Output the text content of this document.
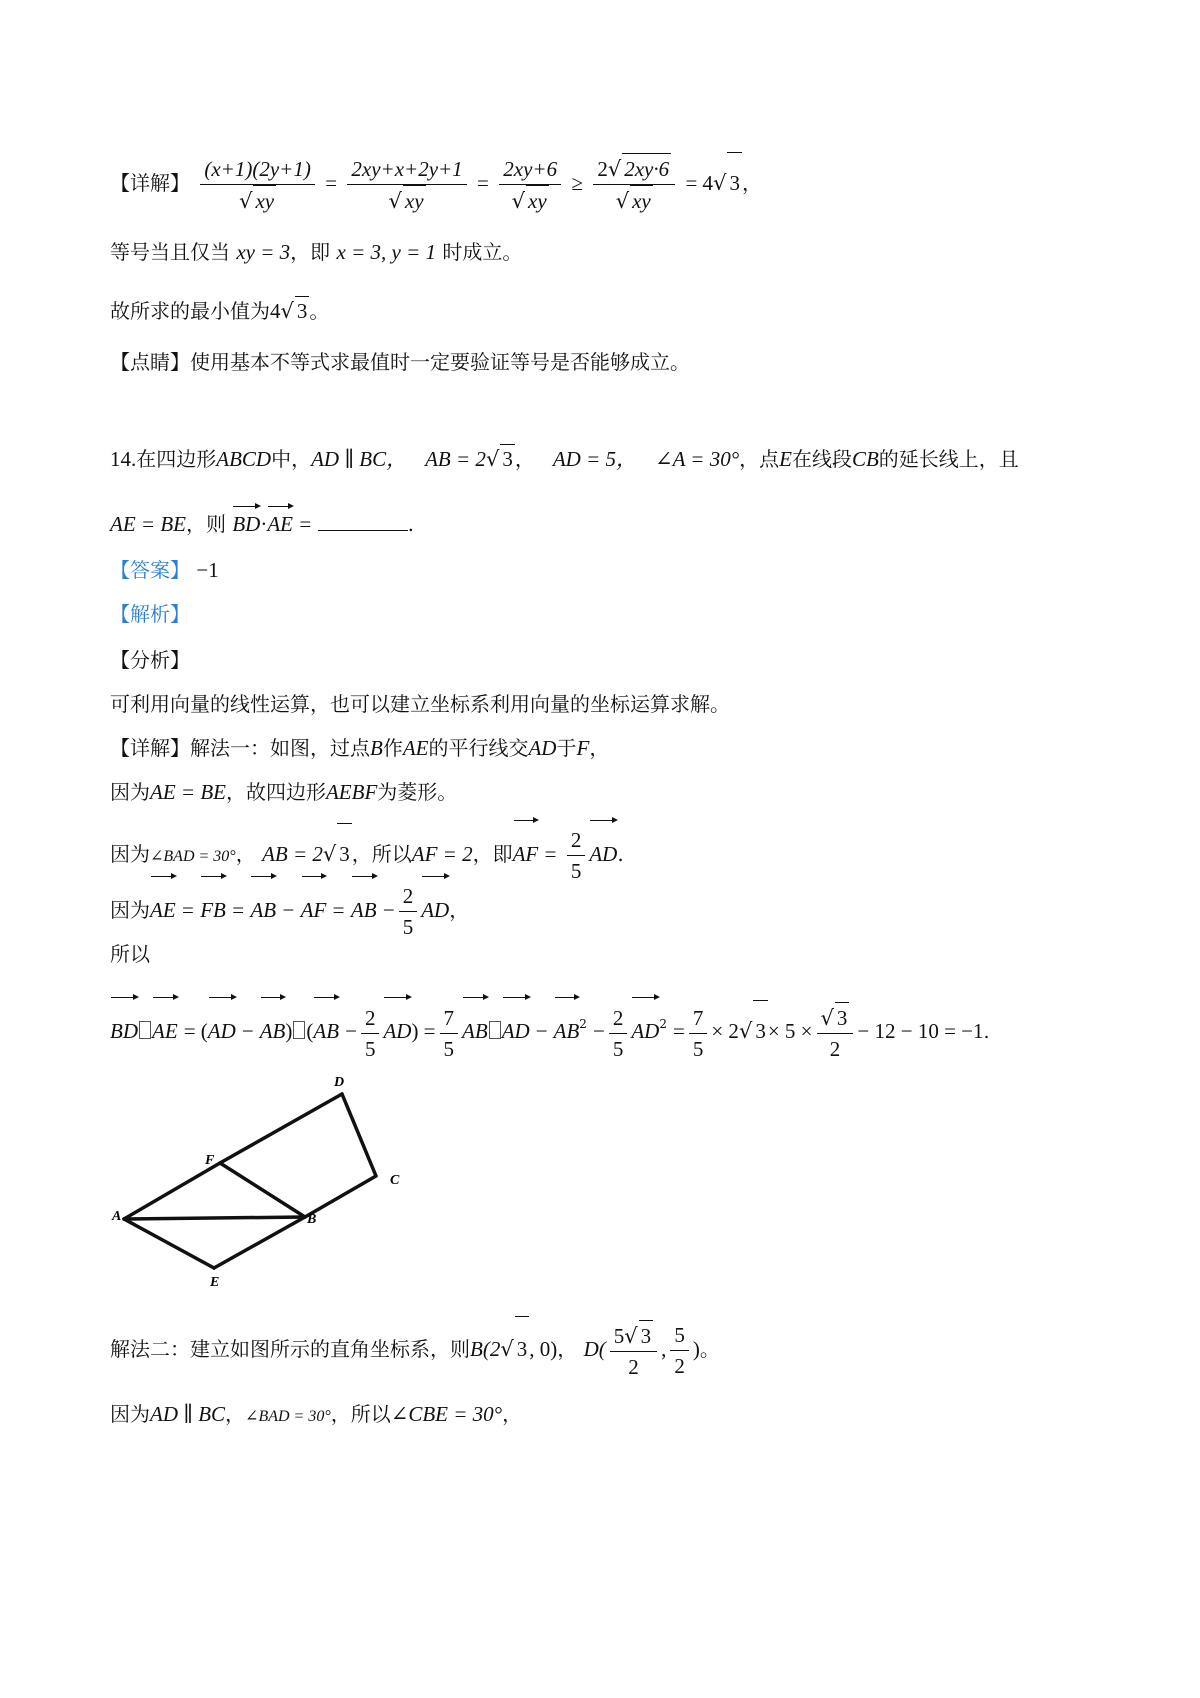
【详解】 $\frac{(x+1)(2y+1)}{√ xy} = \frac{2xy+x+2y+1}{√ xy} = \frac{2xy+6}{√ xy} \ge \frac{2√ 2xy\cdot 6}{√ xy} = 4√$ 3 ，
等号当且仅当 xy = 3，即 x = 3, y = 1 时成立。
故所求的最小值为4√ 3 。
【点睛】使用基本不等式求最值时一定要验证等号是否能够成立。
14.在四边形ABCD中，AD ∥ BC， AB = 2√ 3 ， AD = 5， ∠A = 30°，点E在线段CB的延长线上，且
AE = BE，则 BD·AE =	.
【答案】 −1
【解析】
【分析】
可利用向量的线性运算，也可以建立坐标系利用向量的坐标运算求解。
【详解】解法一：如图，过点B作AE的平行线交AD于F，
因为AE = BE，故四边形AEBF为菱形。
因为∠BAD = 30°， AB = 2√ 3 ，所以AF = 2，即AF = $\frac{2}{5}$ AD.
因为AE = FB = AB − AF = AB − $\frac{2}{5}$ AD，
所以
BD AE = (AD − AB) $(AB - \frac{2}{5} AD) = \frac{7}{5}$ AB AD − $AB^2 - \frac{2}{5} AD^2 = \frac{7}{5} \times 2√$ $3\times 5 \times \frac{√ 3}{2} - 12 - 10 = -1$.
A	B
C
D
E
F
解法二：建立如图所示的直角坐标系，则B(2√ 3, 0)， $D( \frac{5√ 3}{2}$ , $\frac{5}{2}$ )。
因为AD ∥ BC，∠BAD = 30°，所以∠CBE = 30°，
